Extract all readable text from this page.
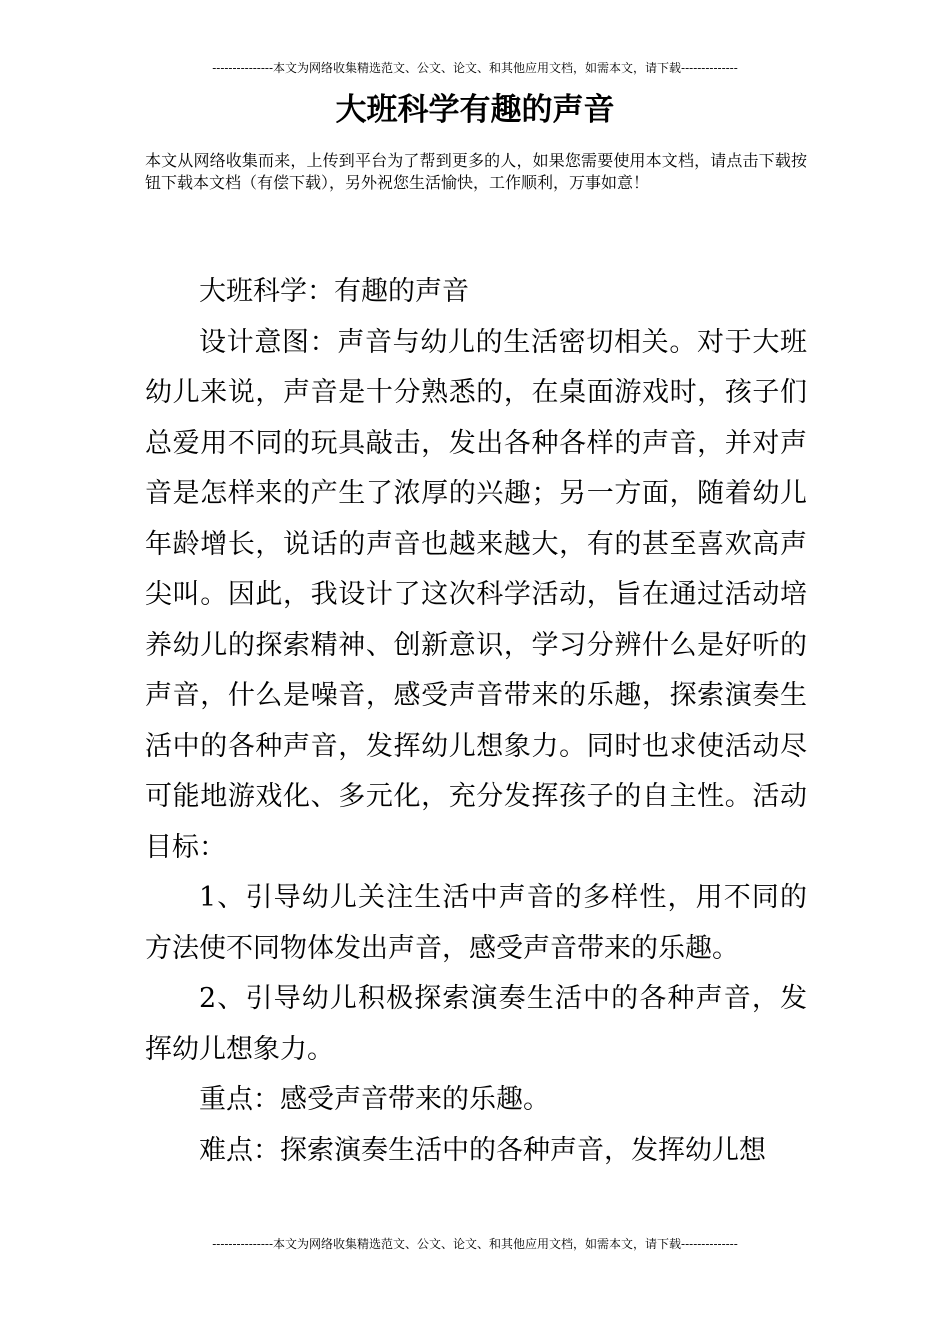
---------------本文为网络收集精选范文、公文、论文、和其他应用文档，如需本文，请下载--------------
大班科学有趣的声音

本文从网络收集而来，上传到平台为了帮到更多的人，如果您需要使用本文档，请点击下载按钮下载本文档（有偿下载），另外祝您生活愉快，工作顺利，万事如意！

大班科学：有趣的声音

设计意图：声音与幼儿的生活密切相关。对于大班幼儿来说，声音是十分熟悉的，在桌面游戏时，孩子们总爱用不同的玩具敲击，发出各种各样的声音，并对声音是怎样来的产生了浓厚的兴趣；另一方面，随着幼儿年龄增长，说话的声音也越来越大，有的甚至喜欢高声尖叫。因此，我设计了这次科学活动，旨在通过活动培养幼儿的探索精神、创新意识，学习分辨什么是好听的声音，什么是噪音，感受声音带来的乐趣，探索演奏生活中的各种声音，发挥幼儿想象力。同时也求使活动尽可能地游戏化、多元化，充分发挥孩子的自主性。活动目标：

1、引导幼儿关注生活中声音的多样性，用不同的方法使不同物体发出声音，感受声音带来的乐趣。

2、引导幼儿积极探索演奏生活中的各种声音，发挥幼儿想象力。

重点：感受声音带来的乐趣。

难点：探索演奏生活中的各种声音，发挥幼儿想

---------------本文为网络收集精选范文、公文、论文、和其他应用文档，如需本文，请下载--------------
